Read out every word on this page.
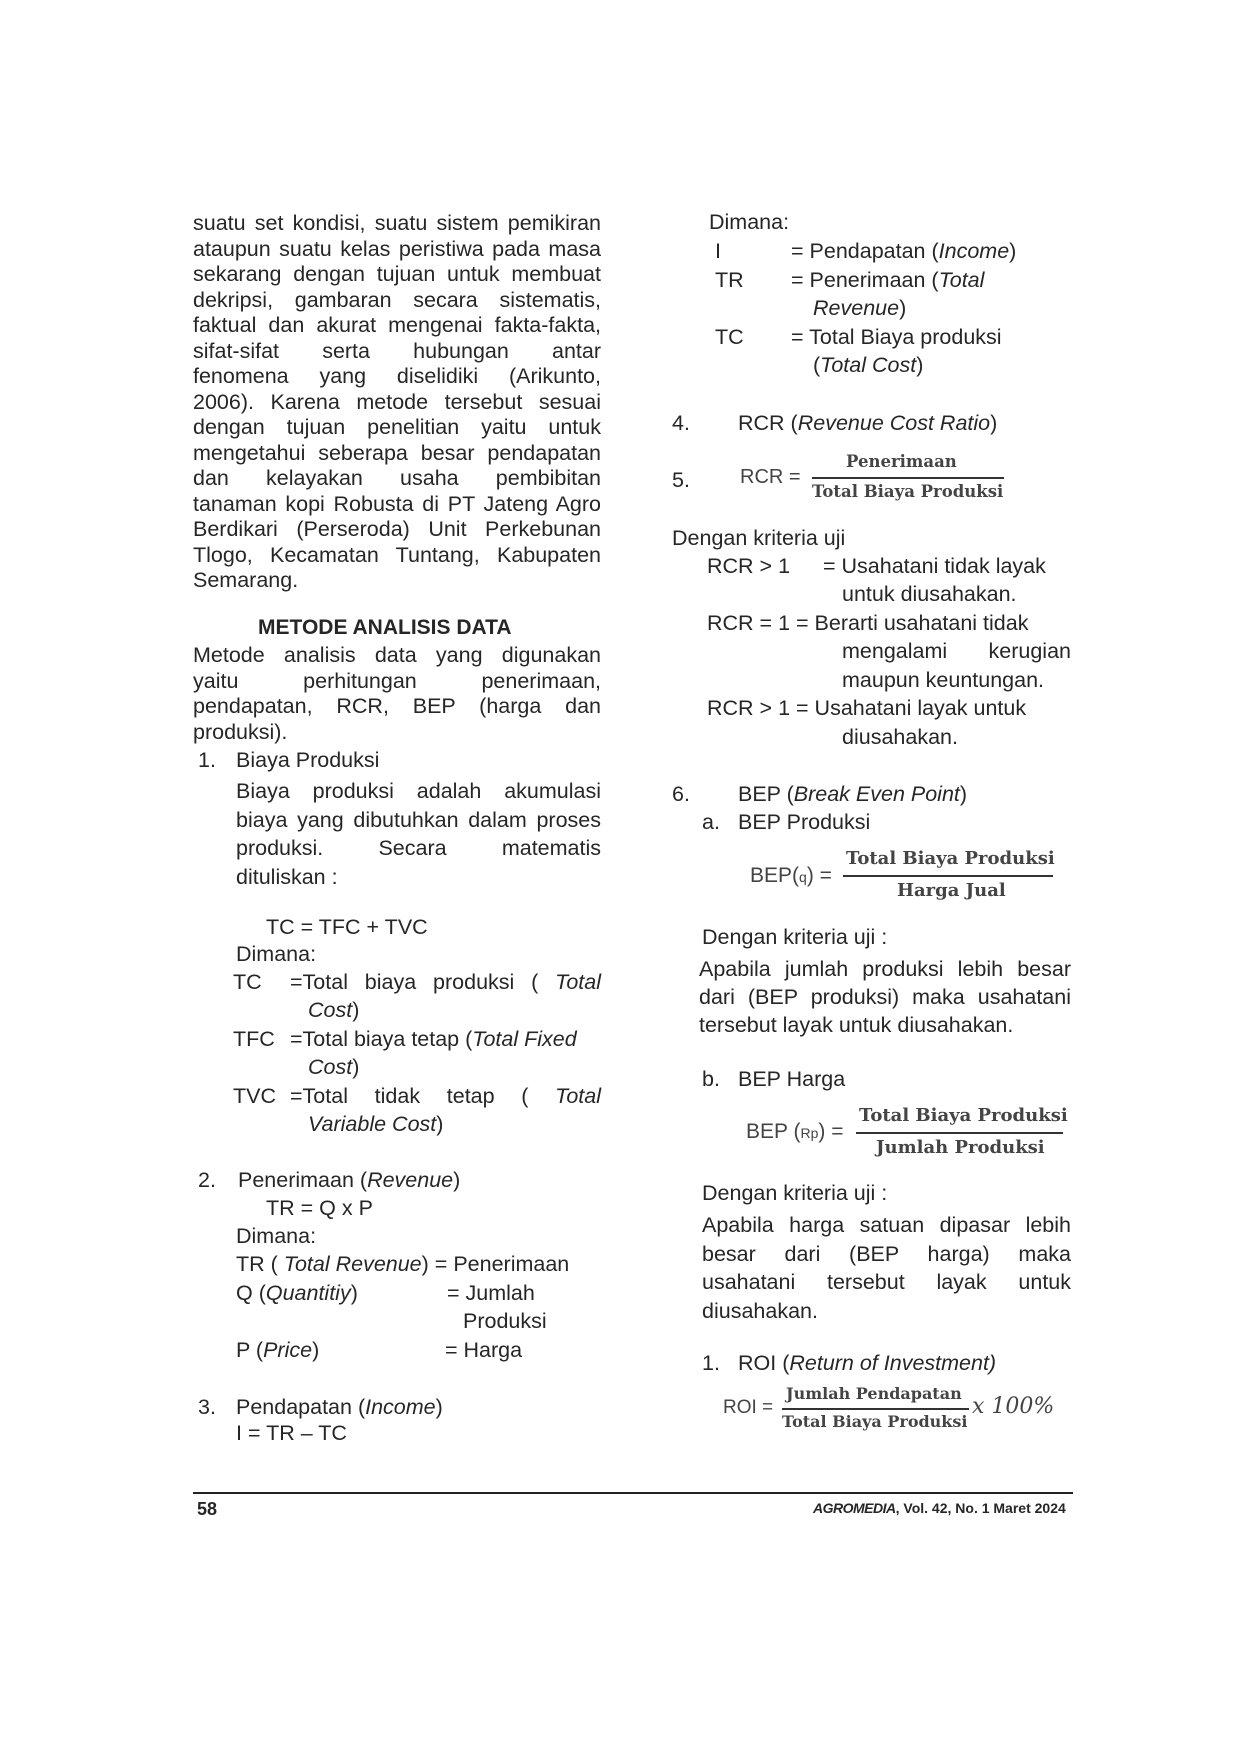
suatu set kondisi, suatu sistem pemikiran
ataupun suatu kelas peristiwa pada masa
sekarang dengan tujuan untuk membuat
dekripsi, gambaran secara sistematis,
faktual dan akurat mengenai fakta-fakta,
sifat-sifat serta hubungan antar
fenomena yang diselidiki (Arikunto,
2006). Karena metode tersebut sesuai
dengan tujuan penelitian yaitu untuk
mengetahui seberapa besar pendapatan
dan kelayakan usaha pembibitan
tanaman kopi Robusta di PT Jateng Agro
Berdikari (Perseroda) Unit Perkebunan
Tlogo, Kecamatan Tuntang, Kabupaten
Semarang.
METODE ANALISIS DATA
Metode analisis data yang digunakan
yaitu perhitungan penerimaan,
pendapatan, RCR, BEP (harga dan
produksi).
1. Biaya Produksi
Biaya produksi adalah akumulasi
biaya yang dibutuhkan dalam proses
produksi. Secara matematis
dituliskan :
TC = TFC + TVC
Dimana:
TC =Total biaya produksi ( Total
Cost)
TFC =Total biaya tetap (Total Fixed
Cost)
TVC =Total tidak tetap ( Total
Variable Cost)
2. Penerimaan (Revenue)
TR = Q x P
Dimana:
TR ( Total Revenue) = Penerimaan
Q (Quantitiy)	= Jumlah
Produksi
P (Price)	= Harga
3. Pendapatan (Income)
I = TR – TC
Dimana:
I	= Pendapatan (Income)
TR = Penerimaan (Total
Revenue)
TC = Total Biaya produksi
(Total Cost)
4. RCR (Revenue Cost Ratio)
5.	RCR =
Penerimaan
Total Biaya Produksi
Dengan kriteria uji
RCR > 1 = Usahatani tidak layak
untuk diusahakan.
RCR = 1 = Berarti usahatani tidak
mengalami kerugian
maupun keuntungan.
RCR > 1 = Usahatani layak untuk
diusahakan.
6. BEP (Break Even Point)
a. BEP Produksi
BEP(q) =
Total Biaya Produksi
Harga Jual
Dengan kriteria uji :
Apabila jumlah produksi lebih besar
dari (BEP produksi) maka usahatani
tersebut layak untuk diusahakan.
b. BEP Harga
BEP (Rp) =
Total Biaya Produksi
Jumlah Produksi
Dengan kriteria uji :
Apabila harga satuan dipasar lebih
besar dari (BEP harga) maka
usahatani tersebut layak untuk
diusahakan.
1. ROI (Return of Investment)
ROI =
Jumlah Pendapatan
Total Biaya Produksi
x 100%
58	AGROMEDIA, Vol. 42, No. 1 Maret 2024
